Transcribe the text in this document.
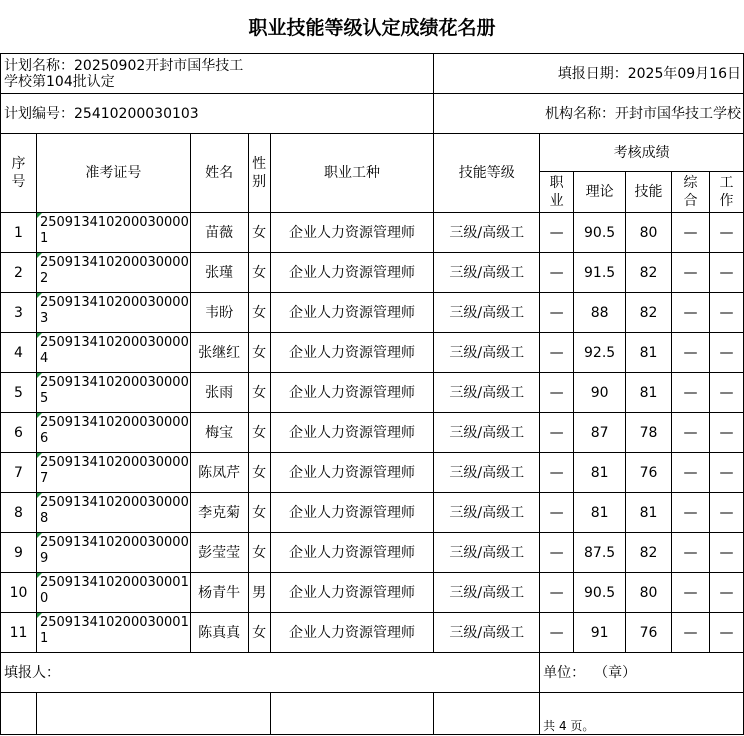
职业技能等级认定成绩花名册
计划名称：20250902开封市国华技工
学校第104批认定					填报日期：2025年09月16日					
计划编号：25410200030103					机构名称：开封市国华技工学校					
序号	准考证号	姓名	性别	职业工种	技能等级	考核成绩				
						职业	理论	技能	综合	工作
1	2509134102000300001	苗薇	女	企业人力资源管理师	三级/高级工	—	90.5	80	—	—
2	2509134102000300002	张瑾	女	企业人力资源管理师	三级/高级工	—	91.5	82	—	—
3	2509134102000300003	韦盼	女	企业人力资源管理师	三级/高级工	—	88	82	—	—
4	2509134102000300004	张继红	女	企业人力资源管理师	三级/高级工	—	92.5	81	—	—
5	2509134102000300005	张雨	女	企业人力资源管理师	三级/高级工	—	90	81	—	—
6	2509134102000300006	梅宝	女	企业人力资源管理师	三级/高级工	—	87	78	—	—
7	2509134102000300007	陈凤芹	女	企业人力资源管理师	三级/高级工	—	81	76	—	—
8	2509134102000300008	李克菊	女	企业人力资源管理师	三级/高级工	—	81	81	—	—
9	2509134102000300009	彭莹莹	女	企业人力资源管理师	三级/高级工	—	87.5	82	—	—
10	2509134102000300010	杨青牛	男	企业人力资源管理师	三级/高级工	—	90.5	80	—	—
11	2509134102000300011	陈真真	女	企业人力资源管理师	三级/高级工	—	91	76	—	—
填报人：						单位： （章）				
						共 4 页。				
